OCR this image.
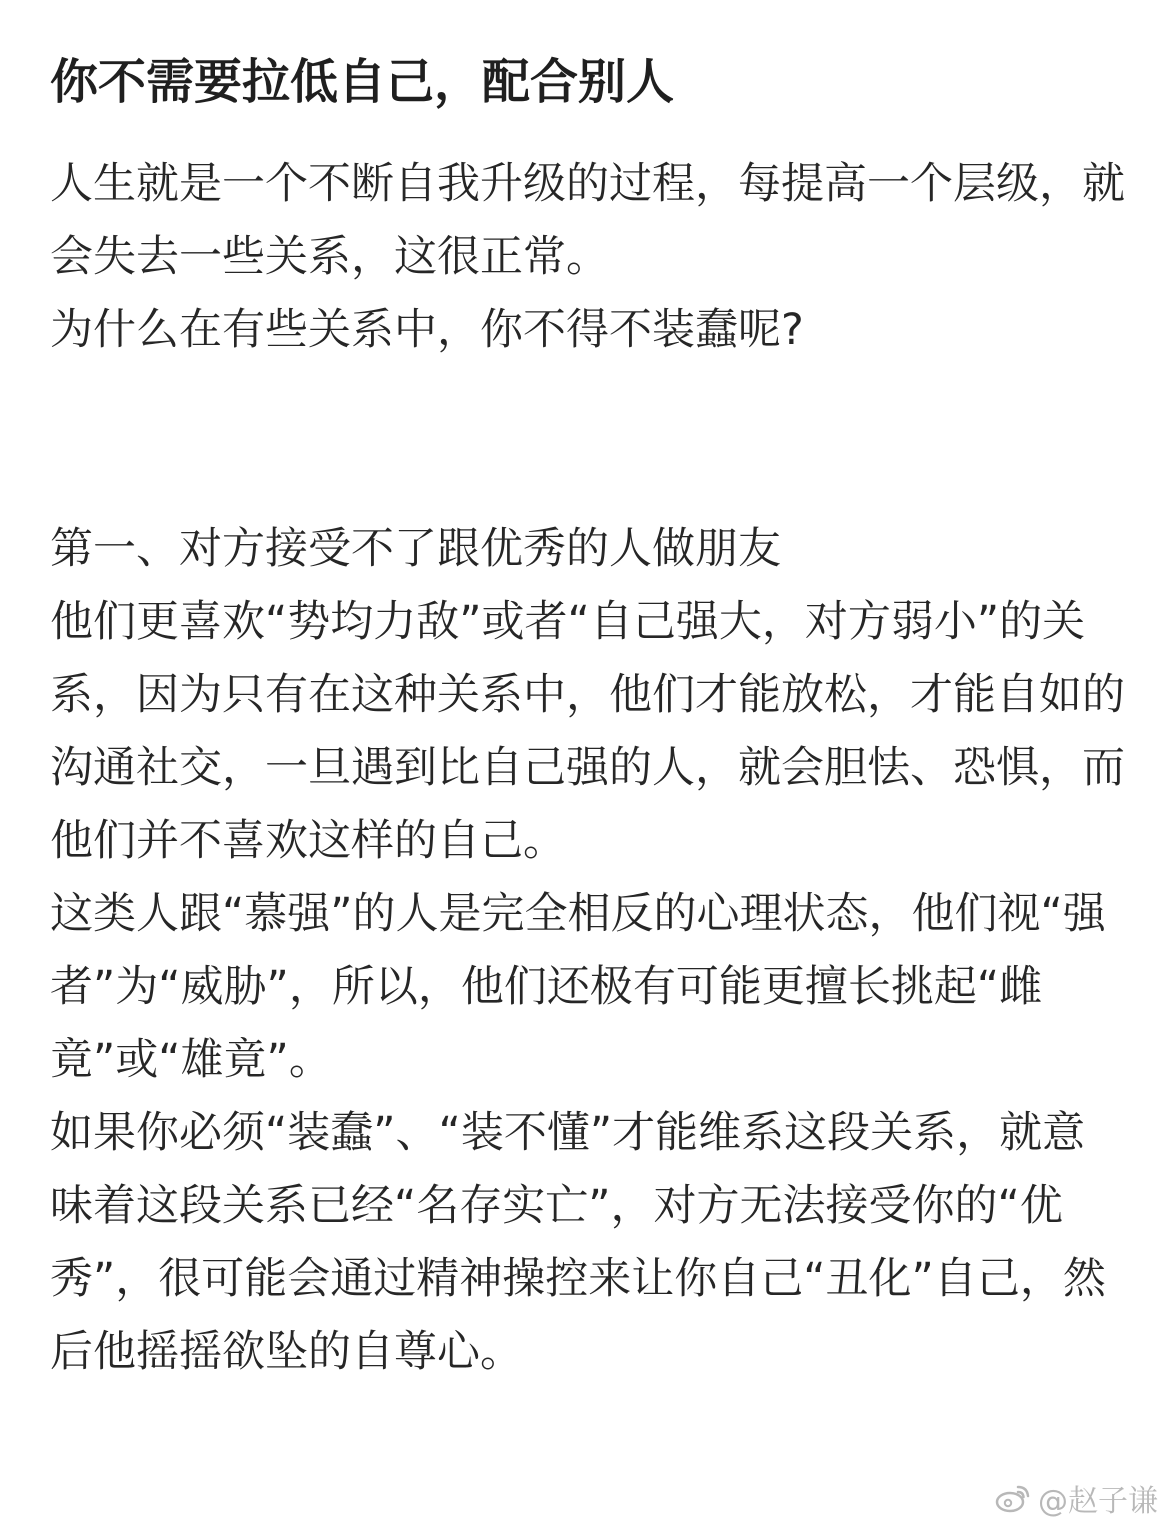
你不需要拉低自己，配合别人

人生就是一个不断自我升级的过程，每提高一个层级，就会失去一些关系，这很正常。

为什么在有些关系中，你不得不装蠢呢?

第一、对方接受不了跟优秀的人做朋友

他们更喜欢“势均力敌”或者“自己强大，对方弱小”的关系，因为只有在这种关系中，他们才能放松，才能自如的沟通社交，一旦遇到比自己强的人，就会胆怯、恐惧，而他们并不喜欢这样的自己。

这类人跟“慕强”的人是完全相反的心理状态，他们视“强者”为“威胁”，所以，他们还极有可能更擅长挑起“雌竟”或“雄竟”。

如果你必须“装蠢”、“装不懂”才能维系这段关系，就意味着这段关系已经“名存实亡”，对方无法接受你的“优秀”，很可能会通过精神操控来让你自己“丑化”自己，然后他摇摇欲坠的自尊心。

@赵子谦
